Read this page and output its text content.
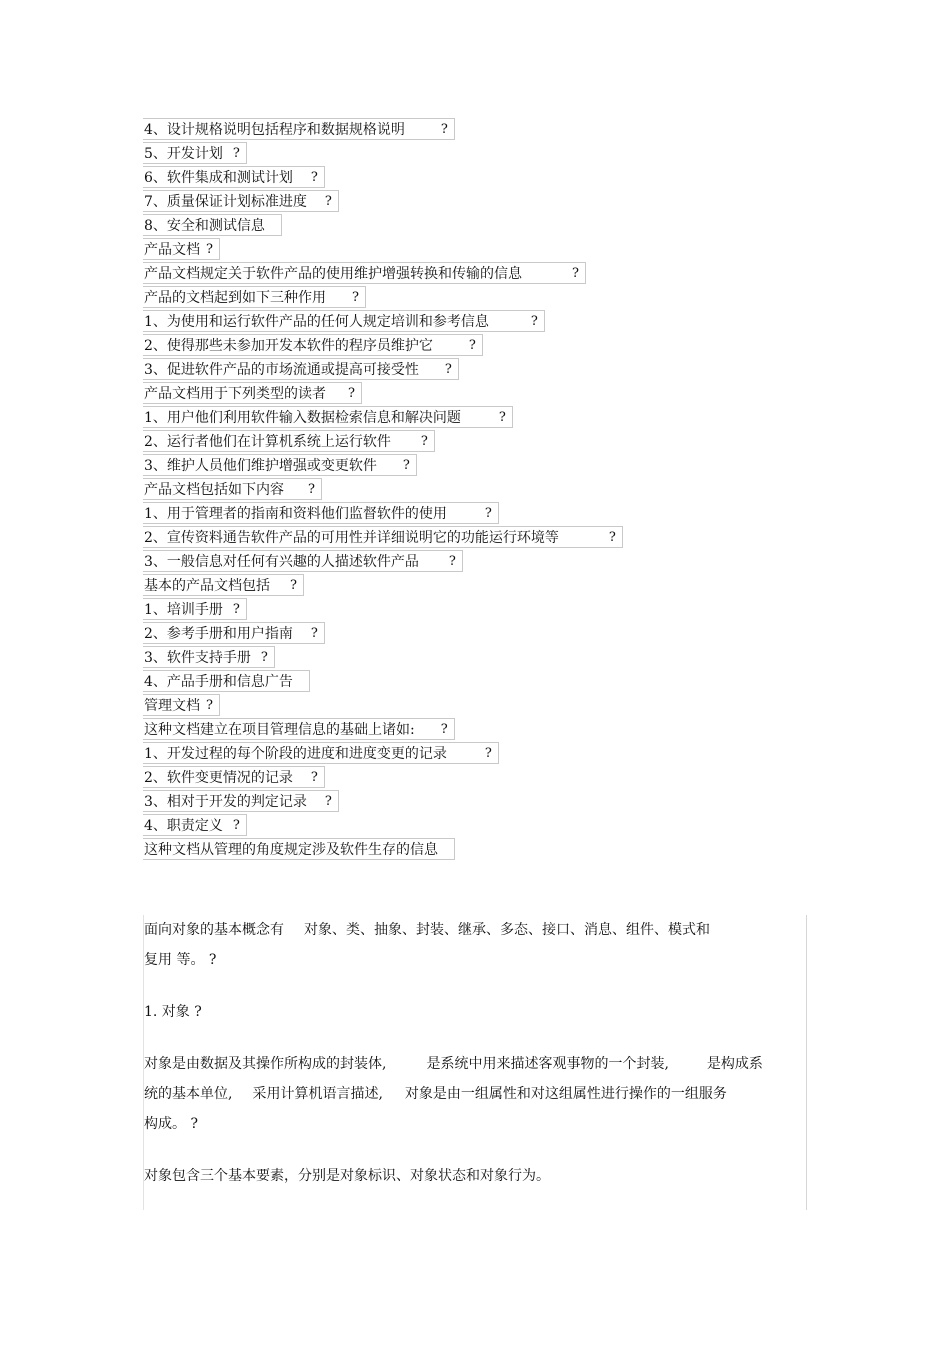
4、设计规格说明包括程序和数据规格说明	?
5、开发计划 ?
6、软件集成和测试计划 ?
7、质量保证计划标准进度 ?
8、安全和测试信息
产品文档 ?
产品文档规定关于软件产品的使用维护增强转换和传输的信息	?
产品的文档起到如下三种作用 ?
1、为使用和运行软件产品的任何人规定培训和参考信息	?
2、使得那些未参加开发本软件的程序员维护它	?
3、促进软件产品的市场流通或提高可接受性 ?
产品文档用于下列类型的读者 ?
1、用户他们利用软件输入数据检索信息和解决问题	?
2、运行者他们在计算机系统上运行软件 ?
3、维护人员他们维护增强或变更软件 ?
产品文档包括如下内容 ?
1、用于管理者的指南和资料他们监督软件的使用	?
2、宣传资料通告软件产品的可用性并详细说明它的功能运行环境等	?
3、一般信息对任何有兴趣的人描述软件产品 ?
基本的产品文档包括 ?
1、培训手册 ?
2、参考手册和用户指南 ?
3、软件支持手册 ?
4、产品手册和信息广告
管理文档 ?
这种文档建立在项目管理信息的基础上诸如: ?
1、开发过程的每个阶段的进度和进度变更的记录	?
2、软件变更情况的记录 ?
3、相对于开发的判定记录 ?
4、职责定义 ?
这种文档从管理的角度规定涉及软件生存的信息

面向对象的基本概念有 对象、类、抽象、封装、继承、多态、接口、消息、组件、模式和

复用 等。 ?

1. 对象 ?

对象是由数据及其操作所构成的封装体,	是系统中用来描述客观事物的一个封装,	是构成系

统的基本单位, 采用计算机语言描述, 对象是由一组属性和对这组属性进行操作的一组服务

构成。 ?

对象包含三个基本要素，分别是对象标识、对象状态和对象行为。
